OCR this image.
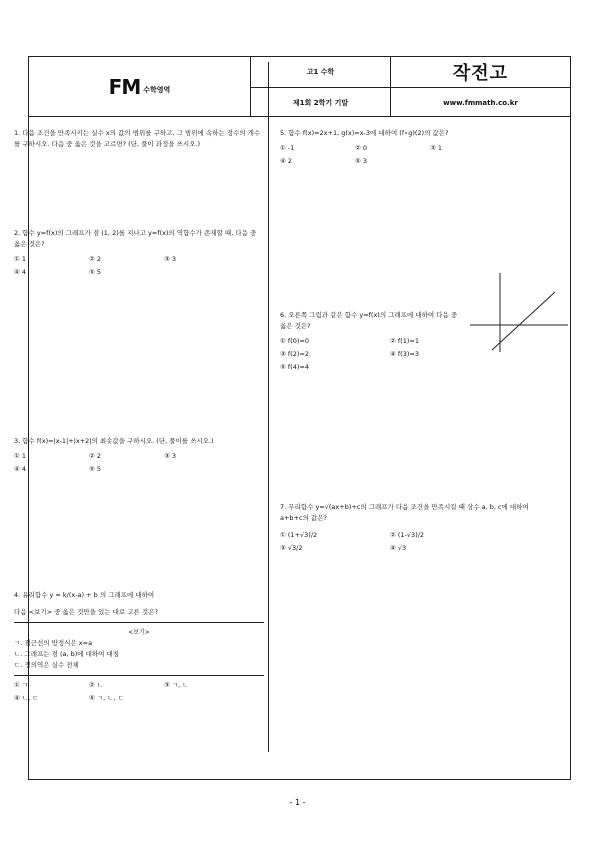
FM 수학영역
고1 수학
제1회 2학기 기말
작전고
www.fmmath.co.kr
1. 다음 조건을 만족시키는 실수 x의 값의 범위를 구하고, 그 범위에 속하는 정수의 개수를 구하시오. 다음 중 옳은 것을 고르면? (단, 풀이 과정을 쓰시오.)
2. 함수 y=f(x)의 그래프가 점 (1, 2)를 지나고 y=f(x)의 역함수가 존재할 때, 다음 중 옳은 것은?
① 1	② 2	③ 3
④ 4	⑤ 5
3. 함수 f(x)=|x-1|+|x+2|의 최솟값을 구하시오. (단, 풀이를 쓰시오.)
① 1	② 2	③ 3
④ 4	⑤ 5
4. 유리함수 y = k/(x-a) + b 의 그래프에 대하여
다음 <보기> 중 옳은 것만을 있는 대로 고른 것은?
<보기>
ㄱ. 점근선의 방정식은 x=a
ㄴ. 그래프는 점 (a, b)에 대하여 대칭
ㄷ. 정의역은 실수 전체
① ㄱ	② ㄴ	③ ㄱ, ㄴ
④ ㄴ, ㄷ	⑤ ㄱ, ㄴ, ㄷ
5. 함수 f(x)=2x+1, g(x)=x-3에 대하여 (f∘g)(2)의 값은?
① -1	② 0	③ 1
④ 2	⑤ 3
6. 오른쪽 그림과 같은 함수 y=f(x)의 그래프에 대하여 다음 중 옳은 것은?
① f(0)=0	② f(1)=1
③ f(2)=2	④ f(3)=3
⑤ f(4)=4
7. 무리함수 y=√(ax+b)+c의 그래프가 다음 조건을 만족시킬 때 상수 a, b, c에 대하여 a+b+c의 값은?
① (1+√3)/2	② (1-√3)/2
③ √3/2	④ √3
- 1 -
